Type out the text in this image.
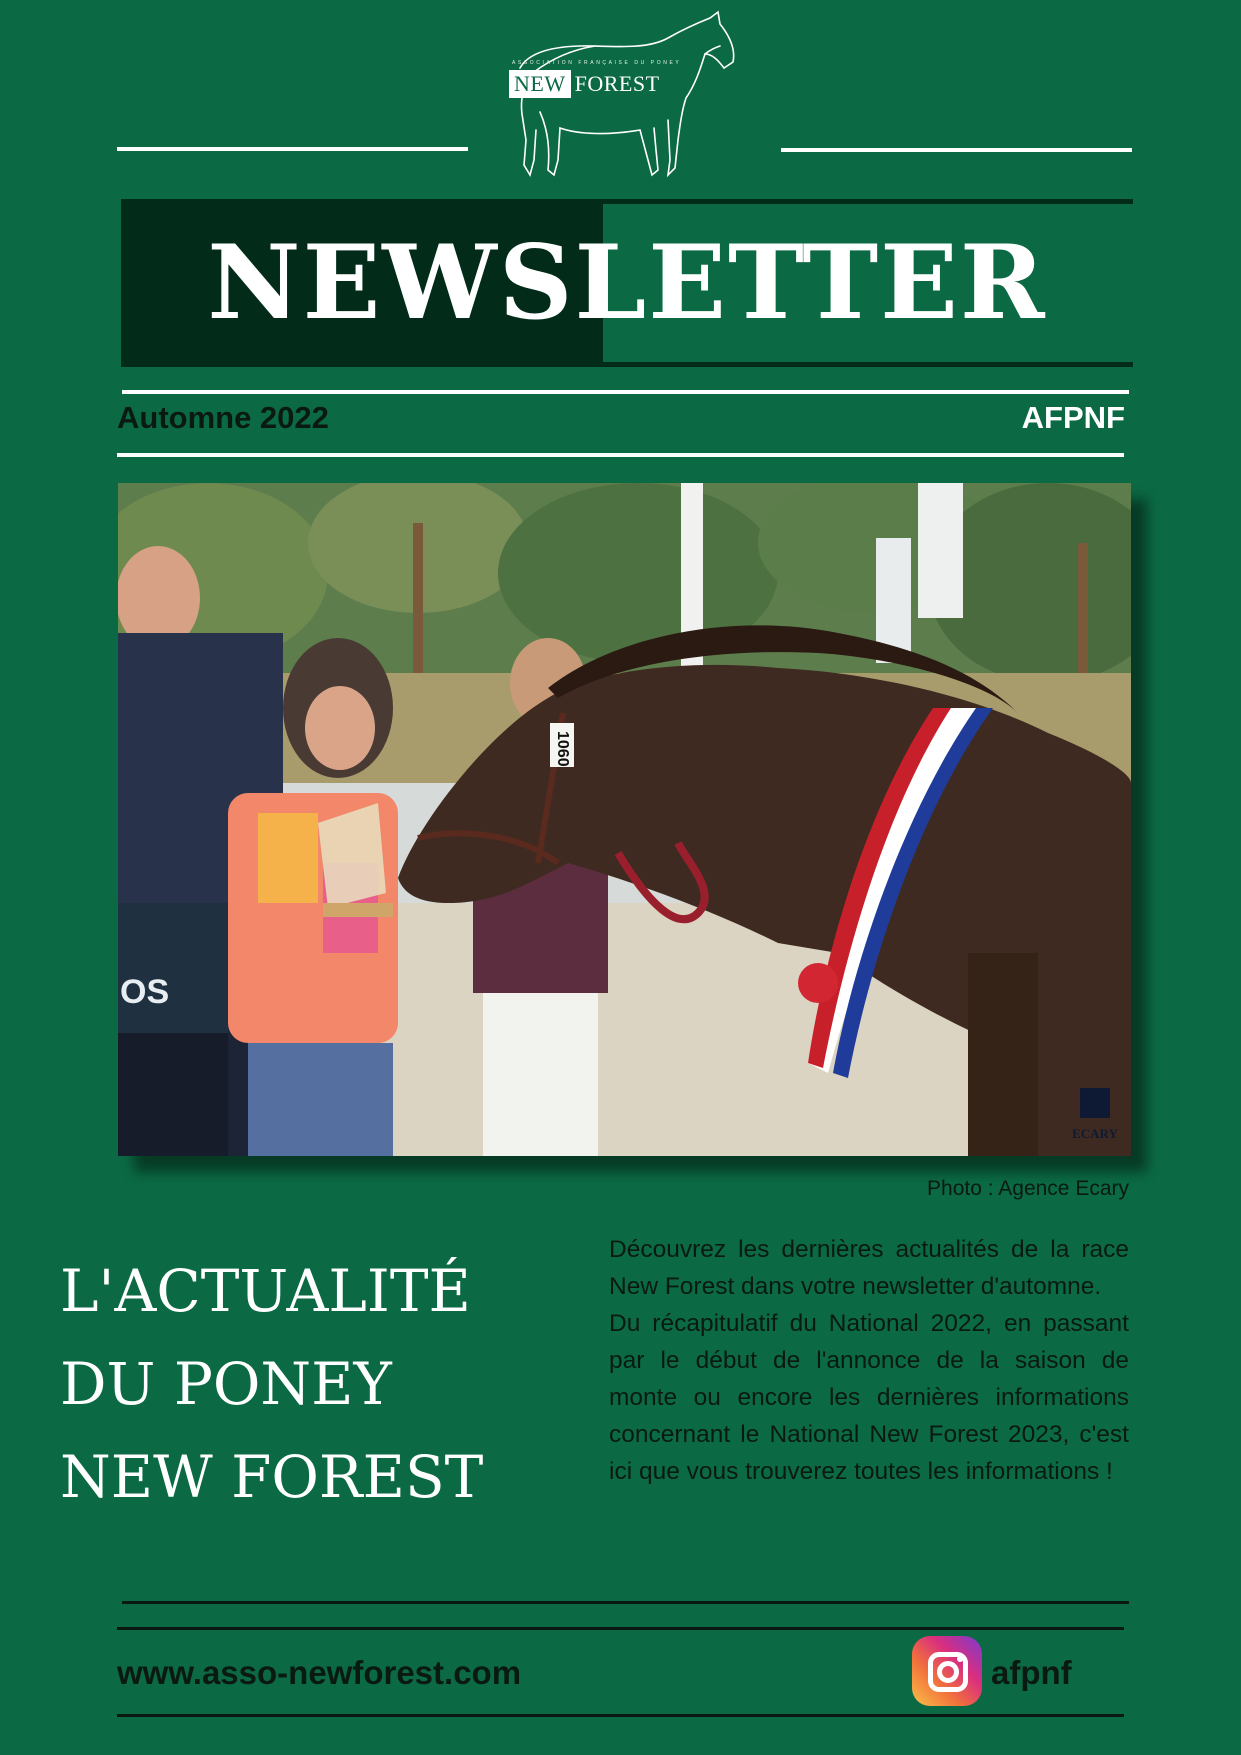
ASSOCIATION FRANÇAISE DU PONEY
NEW FOREST
NEWSLETTER
Automne 2022	AFPNF
OS
1060
ECARY
Photo : Agence Ecary
L'ACTUALITÉ
DU PONEY
NEW FOREST

Découvrez les dernières actualités de la race New Forest dans votre newsletter d'automne.

Du récapitulatif du National 2022, en passant par le début de l'annonce de la saison de monte ou encore les dernières informations concernant le National New Forest 2023, c'est ici que vous trouverez toutes les informations !

www.asso-newforest.com	afpnf
